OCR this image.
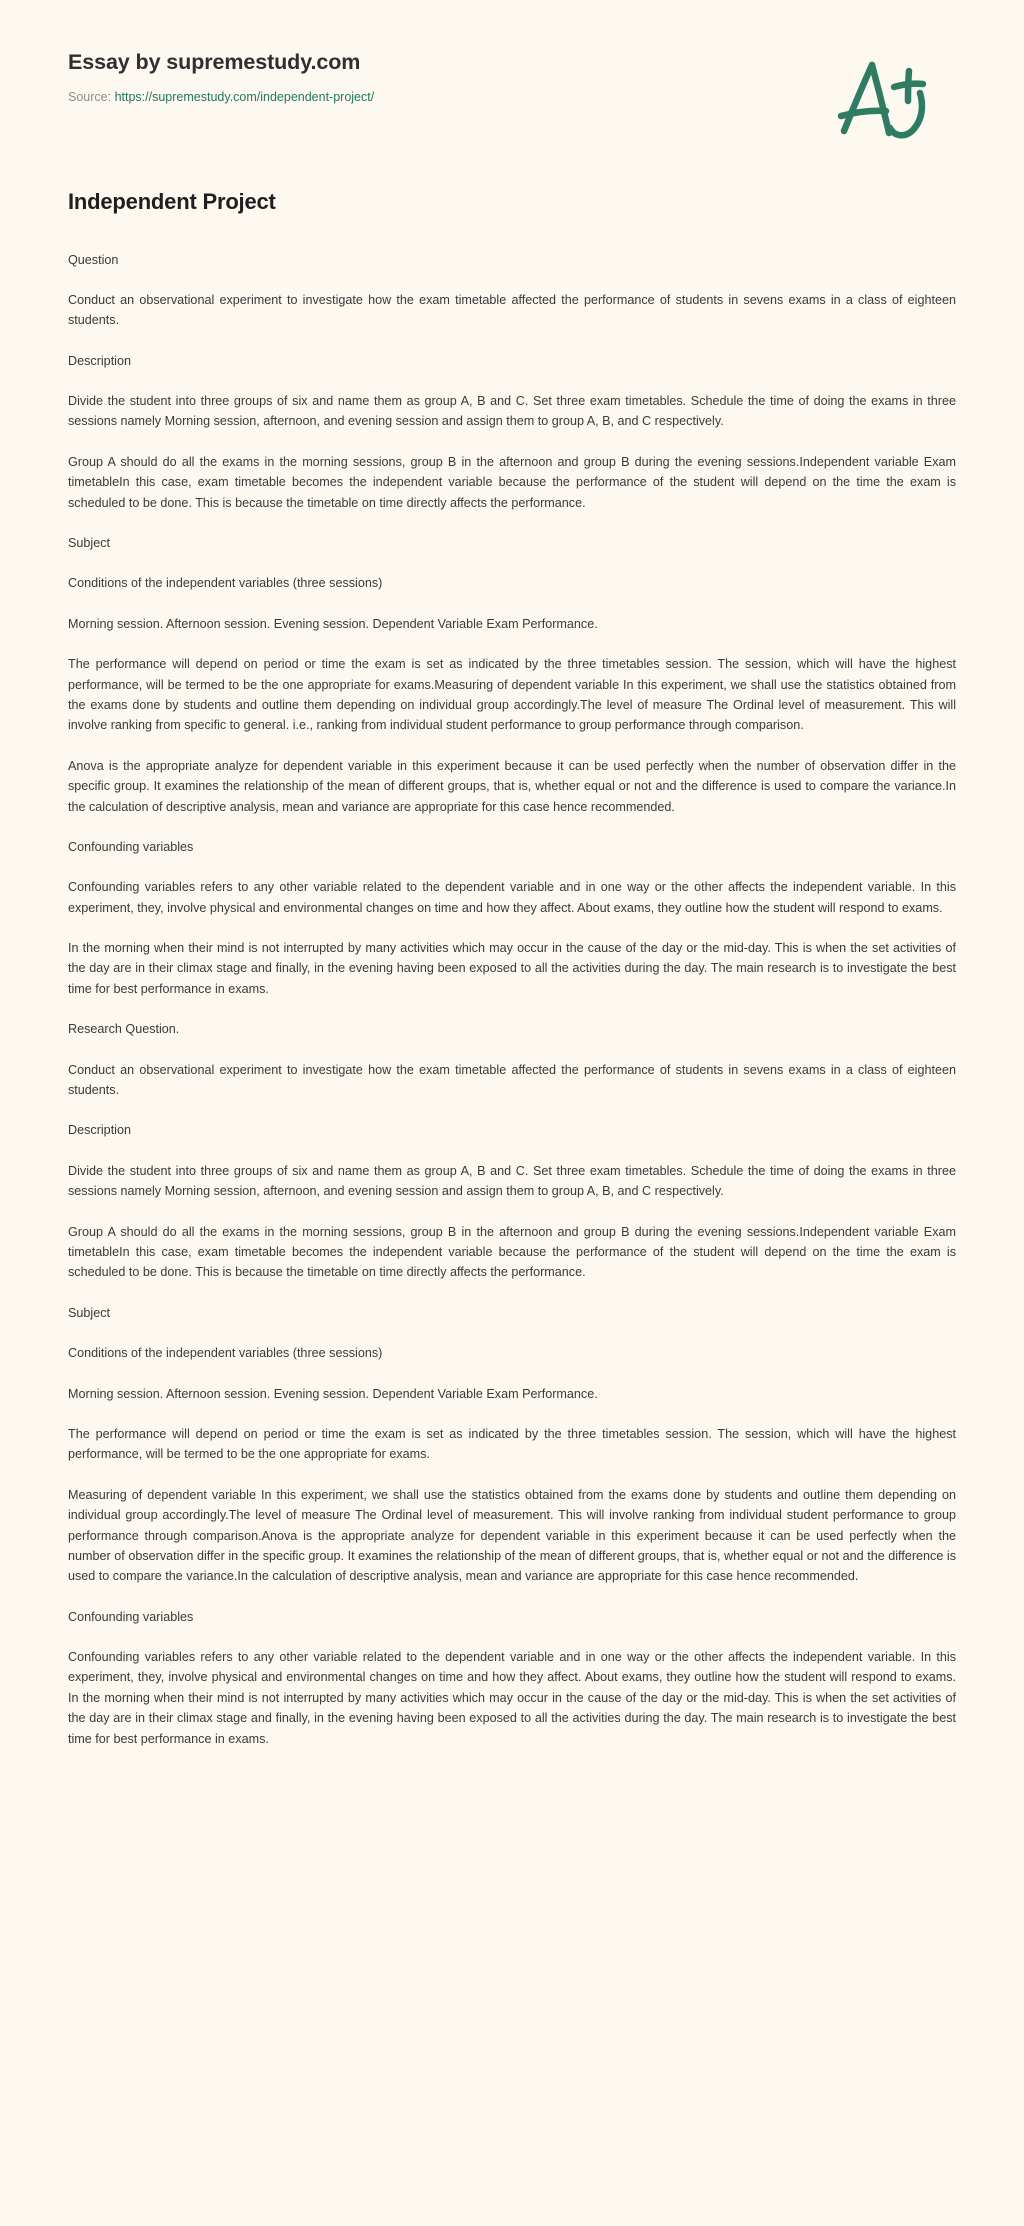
Essay by supremestudy.com

Source: https://supremestudy.com/independent-project/

Independent Project

Question

Conduct an observational experiment to investigate how the exam timetable affected the performance of students in sevens exams in a class of eighteen students.

Description

Divide the student into three groups of six and name them as group A, B and C. Set three exam timetables. Schedule the time of doing the exams in three sessions namely Morning session, afternoon, and evening session and assign them to group A, B, and C respectively.

Group A should do all the exams in the morning sessions, group B in the afternoon and group B during the evening sessions.Independent variable Exam timetableIn this case, exam timetable becomes the independent variable because the performance of the student will depend on the time the exam is scheduled to be done. This is because the timetable on time directly affects the performance.

Subject

Conditions of the independent variables (three sessions)

Morning session. Afternoon session. Evening session. Dependent Variable Exam Performance.

The performance will depend on period or time the exam is set as indicated by the three timetables session. The session, which will have the highest performance, will be termed to be the one appropriate for exams.Measuring of dependent variable In this experiment, we shall use the statistics obtained from the exams done by students and outline them depending on individual group accordingly.The level of measure The Ordinal level of measurement. This will involve ranking from specific to general. i.e., ranking from individual student performance to group performance through comparison.

Anova is the appropriate analyze for dependent variable in this experiment because it can be used perfectly when the number of observation differ in the specific group. It examines the relationship of the mean of different groups, that is, whether equal or not and the difference is used to compare the variance.In the calculation of descriptive analysis, mean and variance are appropriate for this case hence recommended.

Confounding variables

Confounding variables refers to any other variable related to the dependent variable and in one way or the other affects the independent variable. In this experiment, they, involve physical and environmental changes on time and how they affect. About exams, they outline how the student will respond to exams.

In the morning when their mind is not interrupted by many activities which may occur in the cause of the day or the mid-day. This is when the set activities of the day are in their climax stage and finally, in the evening having been exposed to all the activities during the day. The main research is to investigate the best time for best performance in exams.

Research Question.

Conduct an observational experiment to investigate how the exam timetable affected the performance of students in sevens exams in a class of eighteen students.

Description

Divide the student into three groups of six and name them as group A, B and C. Set three exam timetables. Schedule the time of doing the exams in three sessions namely Morning session, afternoon, and evening session and assign them to group A, B, and C respectively.

Group A should do all the exams in the morning sessions, group B in the afternoon and group B during the evening sessions.Independent variable Exam timetableIn this case, exam timetable becomes the independent variable because the performance of the student will depend on the time the exam is scheduled to be done. This is because the timetable on time directly affects the performance.

Subject

Conditions of the independent variables (three sessions)

Morning session. Afternoon session. Evening session. Dependent Variable Exam Performance.

The performance will depend on period or time the exam is set as indicated by the three timetables session. The session, which will have the highest performance, will be termed to be the one appropriate for exams.

Measuring of dependent variable In this experiment, we shall use the statistics obtained from the exams done by students and outline them depending on individual group accordingly.The level of measure The Ordinal level of measurement. This will involve ranking from individual student performance to group performance through comparison.Anova is the appropriate analyze for dependent variable in this experiment because it can be used perfectly when the number of observation differ in the specific group. It examines the relationship of the mean of different groups, that is, whether equal or not and the difference is used to compare the variance.In the calculation of descriptive analysis, mean and variance are appropriate for this case hence recommended.

Confounding variables

Confounding variables refers to any other variable related to the dependent variable and in one way or the other affects the independent variable. In this experiment, they, involve physical and environmental changes on time and how they affect. About exams, they outline how the student will respond to exams. In the morning when their mind is not interrupted by many activities which may occur in the cause of the day or the mid-day. This is when the set activities of the day are in their climax stage and finally, in the evening having been exposed to all the activities during the day. The main research is to investigate the best time for best performance in exams.
